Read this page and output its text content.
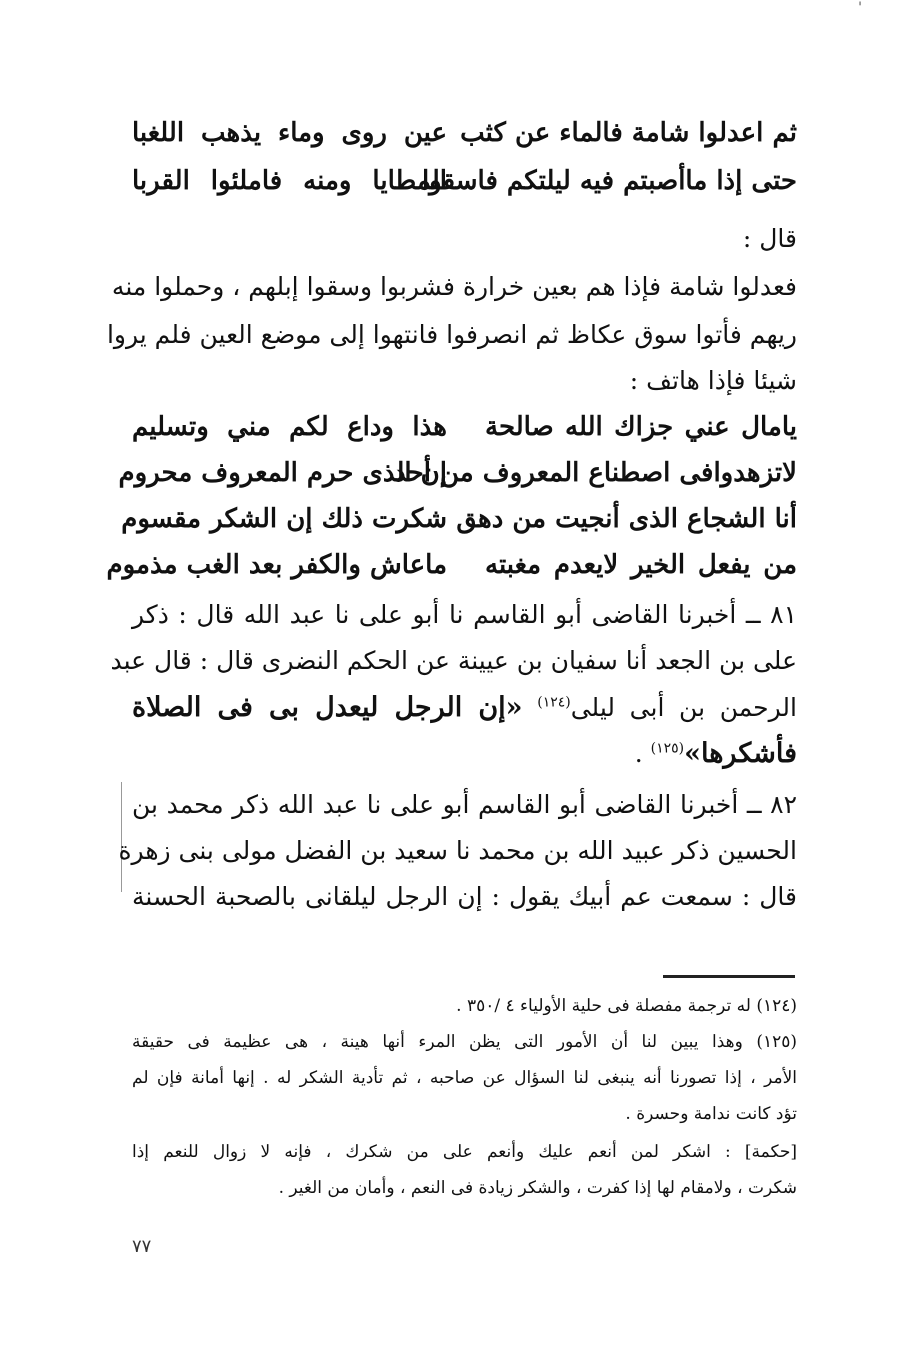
'
ثم اعدلوا شامة فالماء عن كثب
عين روى وماء يذهب اللغبا
حتى إذا ماأصبتم فيه ليلتكم فاسقوا
المطايا ومنه فاملئوا القربا
قال :
فعدلوا شامة فإذا هم بعين خرارة فشربوا وسقوا إبلهم ، وحملوا منه
ريهم فأتوا سوق عكاظ ثم انصرفوا فانتهوا إلى موضع العين فلم يروا
شيئا فإذا هاتف :
يامال عني جزاك الله صالحة
هذا وداع لكم مني وتسليم
لاتزهدوافى اصطناع المعروف من أحد
إن الذى حرم المعروف محروم
أنا الشجاع الذى أنجيت من دهق
شكرت ذلك إن الشكر مقسوم
من يفعل الخير لايعدم مغبته
ماعاش والكفر بعد الغب مذموم
٨١ ــ أخبرنا القاضى أبو القاسم نا أبو على نا عبد الله قال : ذكر
على بن الجعد أنا سفيان بن عيينة عن الحكم النضرى قال : قال عبد
الرحمن بن أبى ليلى$^{(١٢٤)}$ «إن الرجل ليعدل بى فى الصلاة
فأشكرها»$^{(١٢٥)}$ .
٨٢ ــ أخبرنا القاضى أبو القاسم أبو على نا عبد الله ذكر محمد بن
الحسين ذكر عبيد الله بن محمد نا سعيد بن الفضل مولى بنى زهرة
قال : سمعت عم أبيك يقول : إن الرجل ليلقانى بالصحبة الحسنة
(١٢٤) له ترجمة مفصلة فى حلية الأولياء ٤ /٣٥٠ .
(١٢٥) وهذا يبين لنا أن الأمور التى يظن المرء أنها هينة ، هى عظيمة فى حقيقة
الأمر ، إذا تصورنا أنه ينبغى لنا السؤال عن صاحبه ، ثم تأدية الشكر له . إنها أمانة فإن لم
تؤد كانت ندامة وحسرة .
[حكمة] : اشكر لمن أنعم عليك وأنعم على من شكرك ، فإنه لا زوال للنعم إذا
شكرت ، ولامقام لها إذا كفرت ، والشكر زيادة فى النعم ، وأمان من الغير .
٧٧
